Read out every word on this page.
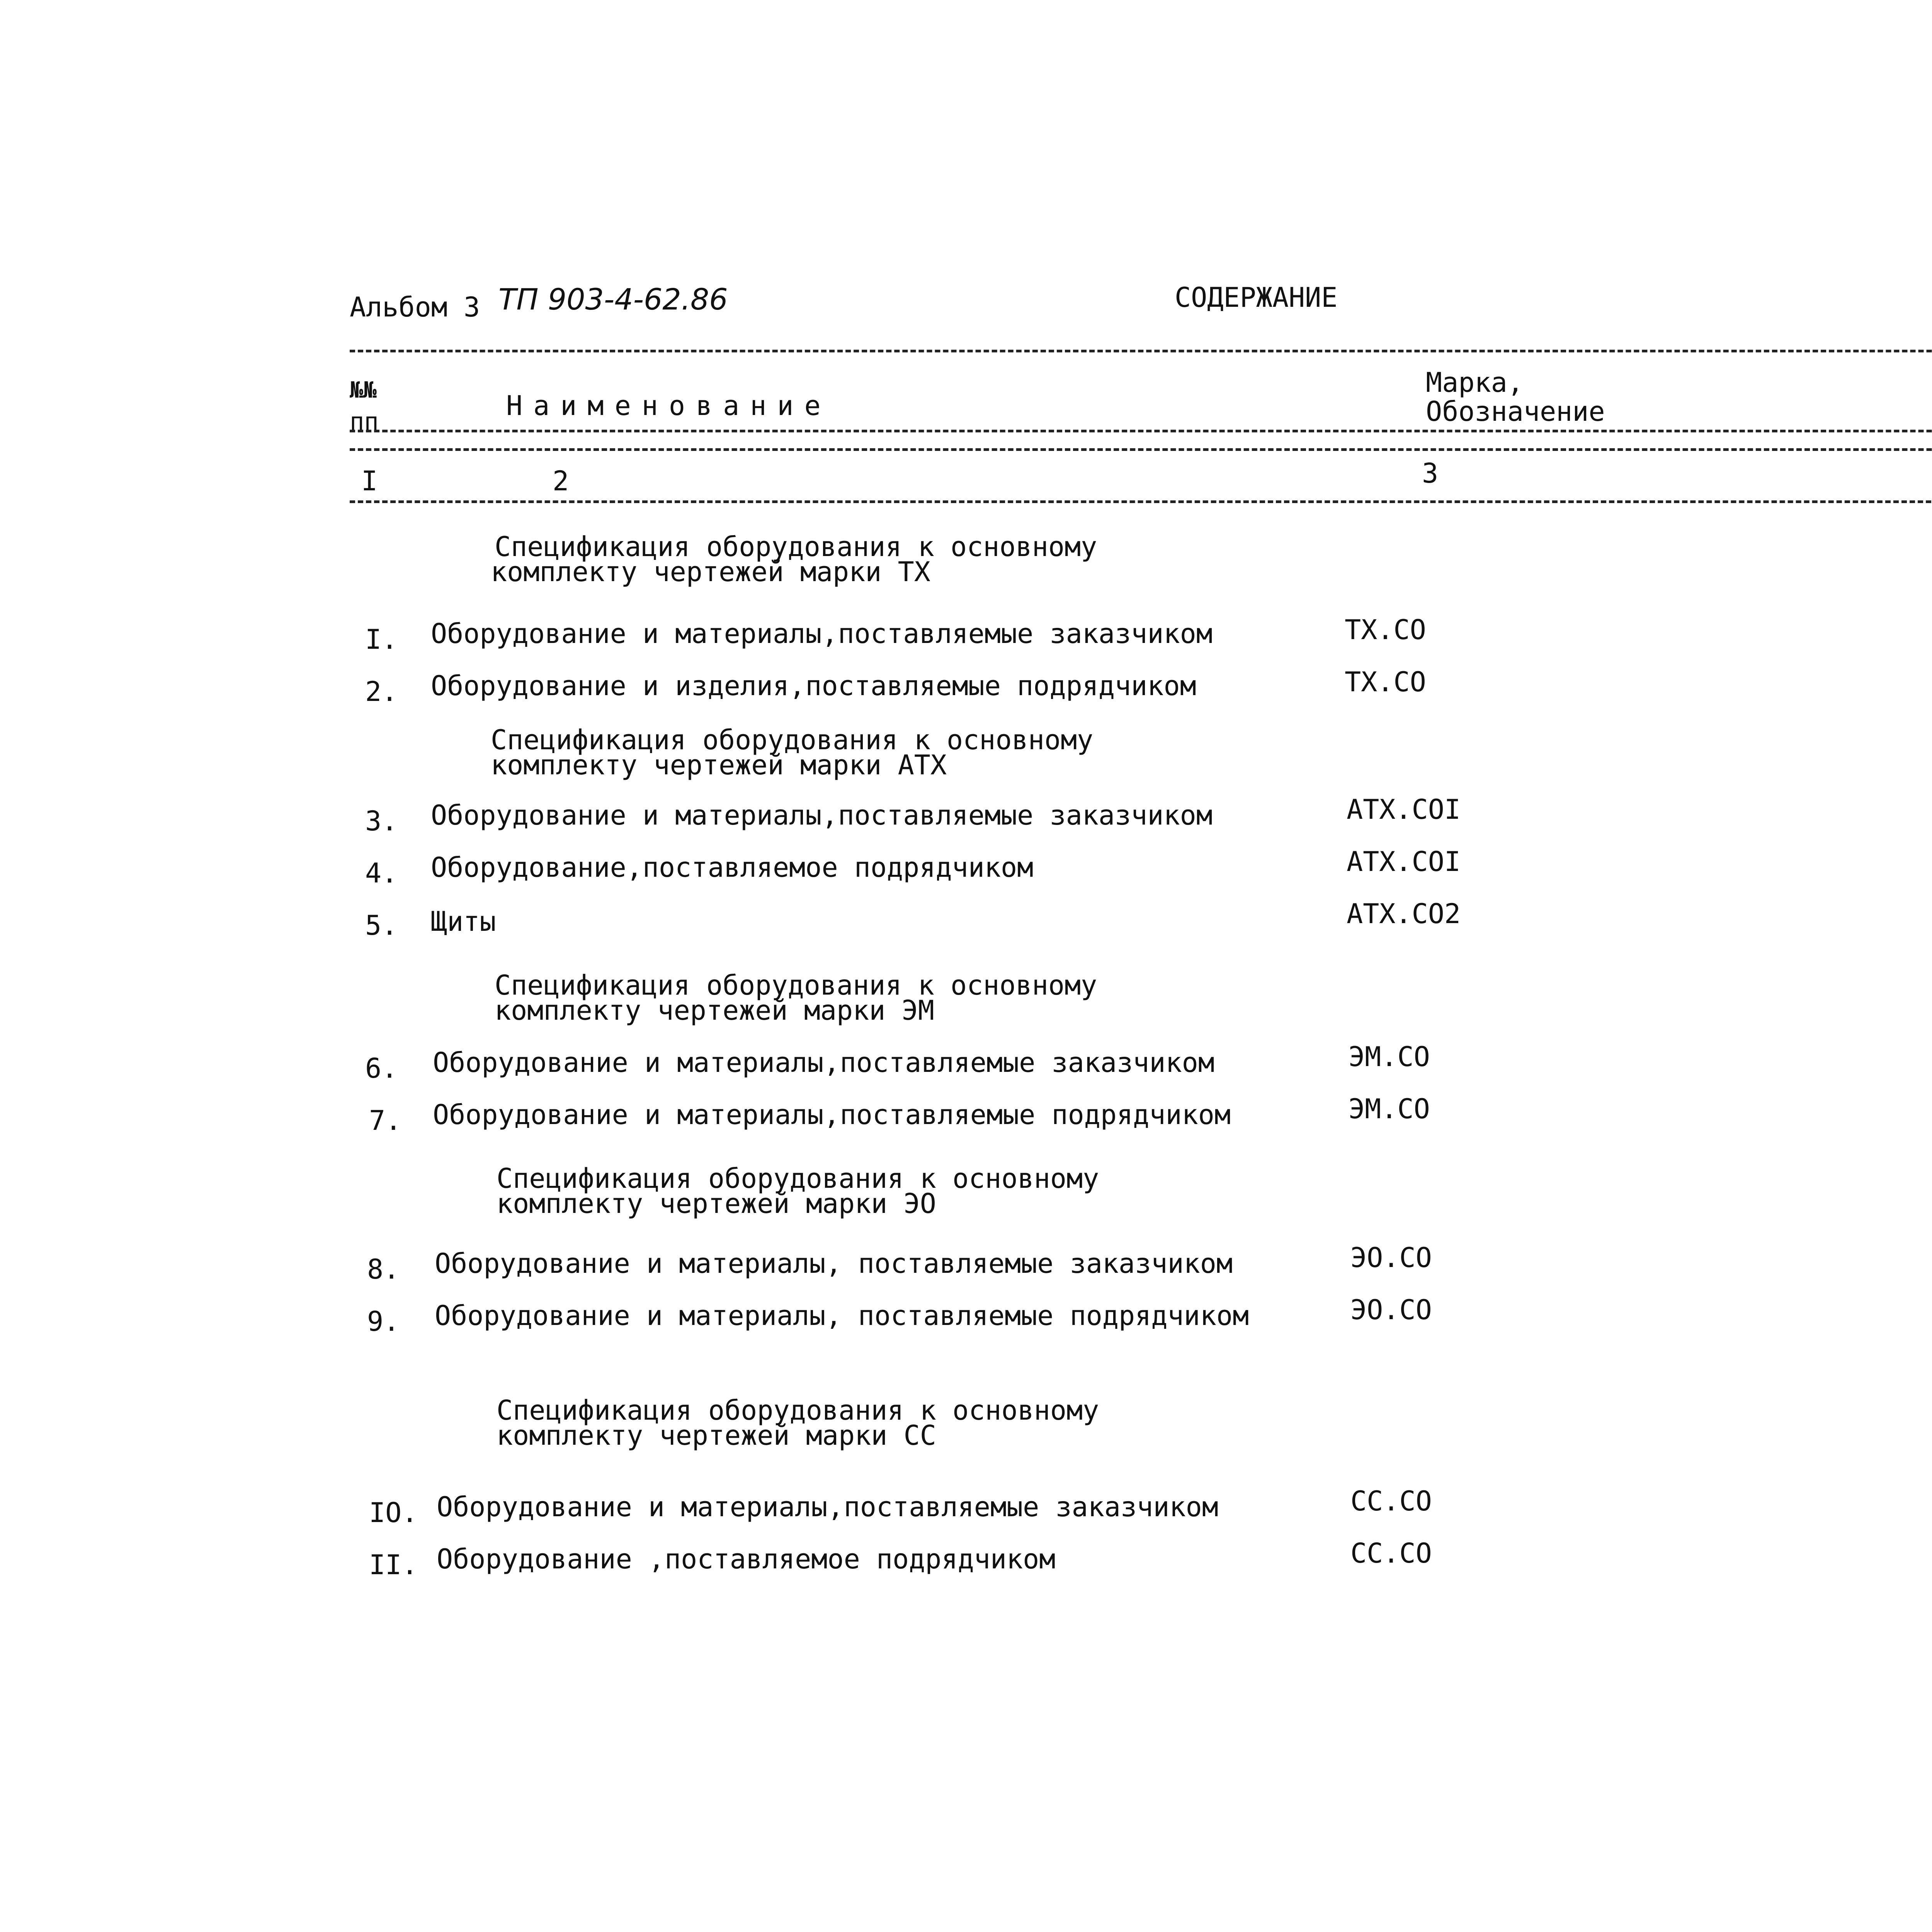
Альбом 3 ТП 903-4-62.86	СОДЕРЖАНИЕ
№№
пп	Наименование
Марка,
Обозначение
I	2	3
Спецификация оборудования к основному
комплекту чертежей марки ТХ
I. Оборудование и материалы,поставляемые заказчиком	ТХ.СО
2. Оборудование и изделия,поставляемые подрядчиком	ТХ.СО
Спецификация оборудования к основному
комплекту чертежей марки АТХ
3. Оборудование и материалы,поставляемые заказчиком	АТХ.СОI
4. Оборудование,поставляемое подрядчиком	АТХ.СОI
5. Щиты	АТХ.СО2
Спецификация оборудования к основному
комплекту чертежей марки ЭМ
6. Оборудование и материалы,поставляемые заказчиком	ЭМ.СО
7. Оборудование и материалы,поставляемые подрядчиком	ЭМ.СО
Спецификация оборудования к основному
комплекту чертежей марки ЭО
8. Оборудование и материалы, поставляемые заказчиком	ЭО.СО
9. Оборудование и материалы, поставляемые подрядчиком	ЭО.СО
Спецификация оборудования к основному
комплекту чертежей марки СС
IO. Оборудование и материалы,поставляемые заказчиком	СС.СО
II. Оборудование ,поставляемое подрядчиком	СС.СО
